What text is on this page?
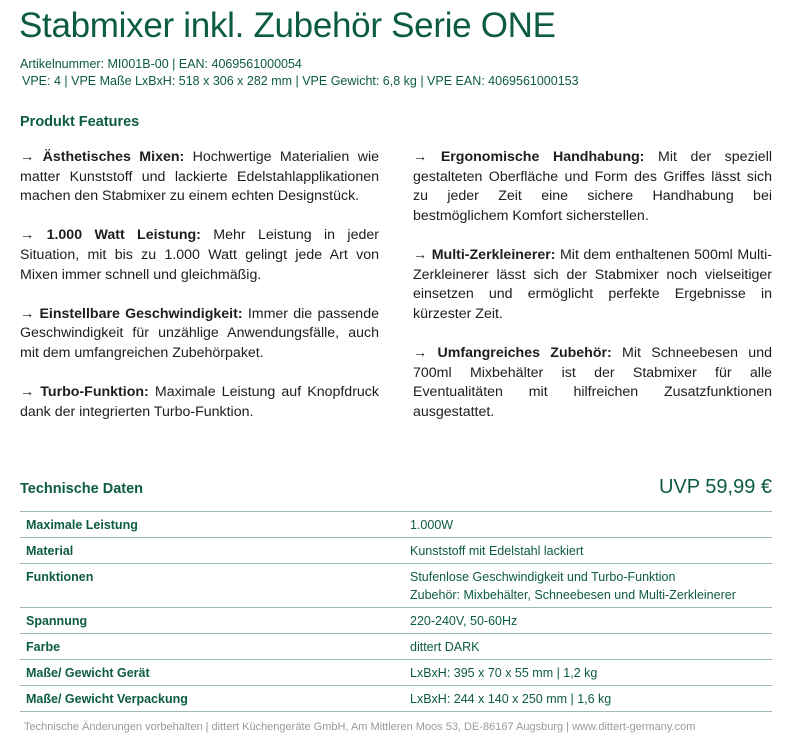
Stabmixer inkl. Zubehör Serie ONE
Artikelnummer: MI001B-00 | EAN: 4069561000054
VPE: 4 | VPE Maße LxBxH: 518 x 306 x 282 mm | VPE Gewicht: 6,8 kg | VPE EAN: 4069561000153
Produkt Features

→ Ästhetisches Mixen: Hochwertige Materialien wie matter Kunststoff und lackierte Edelstahlapplikationen machen den Stabmixer zu einem echten Designstück.

→ 1.000 Watt Leistung: Mehr Leistung in jeder Situation, mit bis zu 1.000 Watt gelingt jede Art von Mixen immer schnell und gleichmäßig.

→ Einstellbare Geschwindigkeit: Immer die passende Geschwindigkeit für unzählige Anwendungsfälle, auch mit dem umfangreichen Zubehörpaket.

→ Turbo-Funktion: Maximale Leistung auf Knopfdruck dank der integrierten Turbo-Funktion.

→ Ergonomische Handhabung: Mit der speziell gestalteten Oberfläche und Form des Griffes lässt sich zu jeder Zeit eine sichere Handhabung bei bestmöglichem Komfort sicherstellen.

→ Multi-Zerkleinerer: Mit dem enthaltenen 500ml Multi-Zerkleinerer lässt sich der Stabmixer noch vielseitiger einsetzen und ermöglicht perfekte Ergebnisse in kürzester Zeit.

→ Umfangreiches Zubehör: Mit Schneebesen und 700ml Mixbehälter ist der Stabmixer für alle Eventualitäten mit hilfreichen Zusatzfunktionen ausgestattet.

Technische Daten	UVP 59,99 €
Maximale Leistung	1.000W
Material	Kunststoff mit Edelstahl lackiert
Funktionen	Stufenlose Geschwindigkeit und Turbo-Funktion
Zubehör: Mixbehälter, Schneebesen und Multi-Zerkleinerer

Spannung	220-240V, 50-60Hz
Farbe	dittert DARK
Maße/ Gewicht Gerät	LxBxH: 395 x 70 x 55 mm | 1,2 kg
Maße/ Gewicht Verpackung	LxBxH: 244 x 140 x 250 mm | 1,6 kg
Technische Änderungen vorbehalten | dittert Küchengeräte GmbH, Am Mittleren Moos 53, DE-86167 Augsburg | www.dittert-germany.com
